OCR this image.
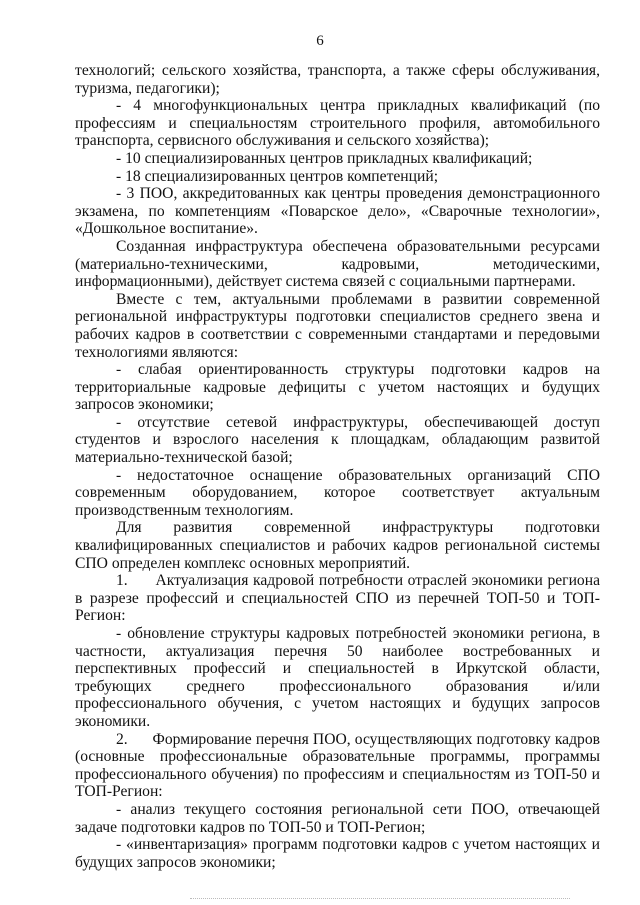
6

технологий; сельского хозяйства, транспорта, а также сферы обслуживания, туризма, педагогики);

- 4 многофункциональных центра прикладных квалификаций (по профессиям и специальностям строительного профиля, автомобильного транспорта, сервисного обслуживания и сельского хозяйства);

- 10 специализированных центров прикладных квалификаций;

- 18 специализированных центров компетенций;

- 3 ПОО, аккредитованных как центры проведения демонстрационного экзамена, по компетенциям «Поварское дело», «Сварочные технологии», «Дошкольное воспитание».

Созданная инфраструктура обеспечена образовательными ресурсами (материально-техническими, кадровыми, методическими, информационными), действует система связей с социальными партнерами.

Вместе с тем, актуальными проблемами в развитии современной региональной инфраструктуры подготовки специалистов среднего звена и рабочих кадров в соответствии с современными стандартами и передовыми технологиями являются:

- слабая ориентированность структуры подготовки кадров на территориальные кадровые дефициты с учетом настоящих и будущих запросов экономики;

- отсутствие сетевой инфраструктуры, обеспечивающей доступ студентов и взрослого населения к площадкам, обладающим развитой материально-технической базой;

- недостаточное оснащение образовательных организаций СПО современным оборудованием, которое соответствует актуальным производственным технологиям.

Для развития современной инфраструктуры подготовки квалифицированных специалистов и рабочих кадров региональной системы СПО определен комплекс основных мероприятий.

1.      Актуализация кадровой потребности отраслей экономики региона в разрезе профессий и специальностей СПО из перечней ТОП-50 и ТОП-Регион:

- обновление структуры кадровых потребностей экономики региона, в частности, актуализация перечня 50 наиболее востребованных и перспективных профессий и специальностей в Иркутской области, требующих среднего профессионального образования и/или профессионального обучения, с учетом настоящих и будущих запросов экономики.

2.      Формирование перечня ПОО, осуществляющих подготовку кадров (основные профессиональные образовательные программы, программы профессионального обучения) по профессиям и специальностям из ТОП-50 и ТОП-Регион:

- анализ текущего состояния региональной сети ПОО, отвечающей задаче подготовки кадров по ТОП-50 и ТОП-Регион;

- «инвентаризация» программ подготовки кадров с учетом настоящих и будущих запросов экономики;
